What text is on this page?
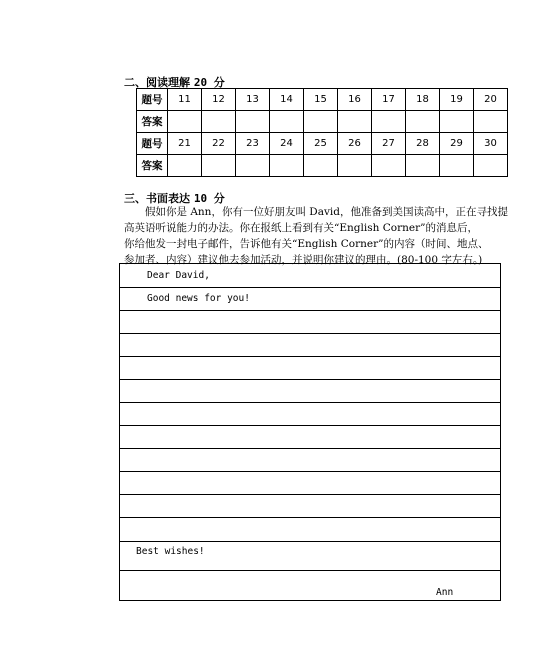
二、阅读理解 20 分
题号	11	12	13	14	15	16	17	18	19	20
答案										
题号	21	22	23	24	25	26	27	28	29	30
答案										
三、书面表达 10 分

　　假如你是 Ann，你有一位好朋友叫 David，他准备到美国读高中，正在寻找提

高英语听说能力的办法。你在报纸上看到有关“English Corner”的消息后，

你给他发一封电子邮件，告诉他有关“English Corner”的内容（时间、地点、

参加者、内容）建议他去参加活动，并说明你建议的理由。(80-100 字左右。)

Dear David,
Good news for you!
Best wishes!
Ann
